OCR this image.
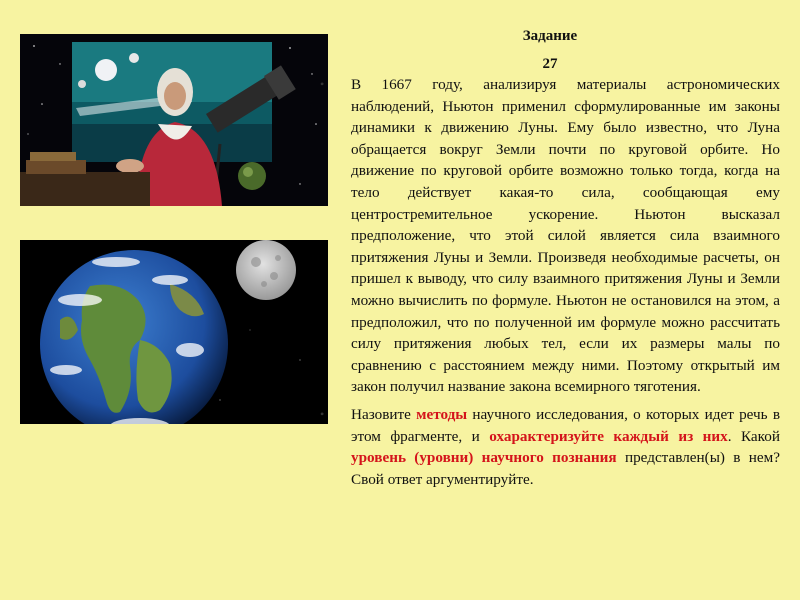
Задание
27
•	В 1667 году, анализируя материалы астрономических наблюдений, Ньютон применил сформулированные им законы динамики к движению Луны. Ему было известно, что Луна обращается вокруг Земли почти по круговой орбите. Но движение по круговой орбите возможно только тогда, когда на тело действует какая-то сила, сообщающая ему центростремительное ускорение. Ньютон высказал предположение, что этой силой является сила взаимного притяжения Луны и Земли. Произведя необходимые расчеты, он пришел к выводу, что силу взаимного притяжения Луны и Земли можно вычислить по формуле. Ньютон не остановился на этом, а предположил, что по полученной им формуле можно рассчитать силу притяжения любых тел, если их размеры малы по сравнению с расстоянием между ними. Поэтому открытый им закон получил название закона всемирного тяготения.
•	Назовите методы научного исследования, о которых идет речь в этом фрагменте, и охарактеризуйте каждый из них. Какой уровень (уровни) научного познания представлен(ы) в нем? Свой ответ аргументируйте.
